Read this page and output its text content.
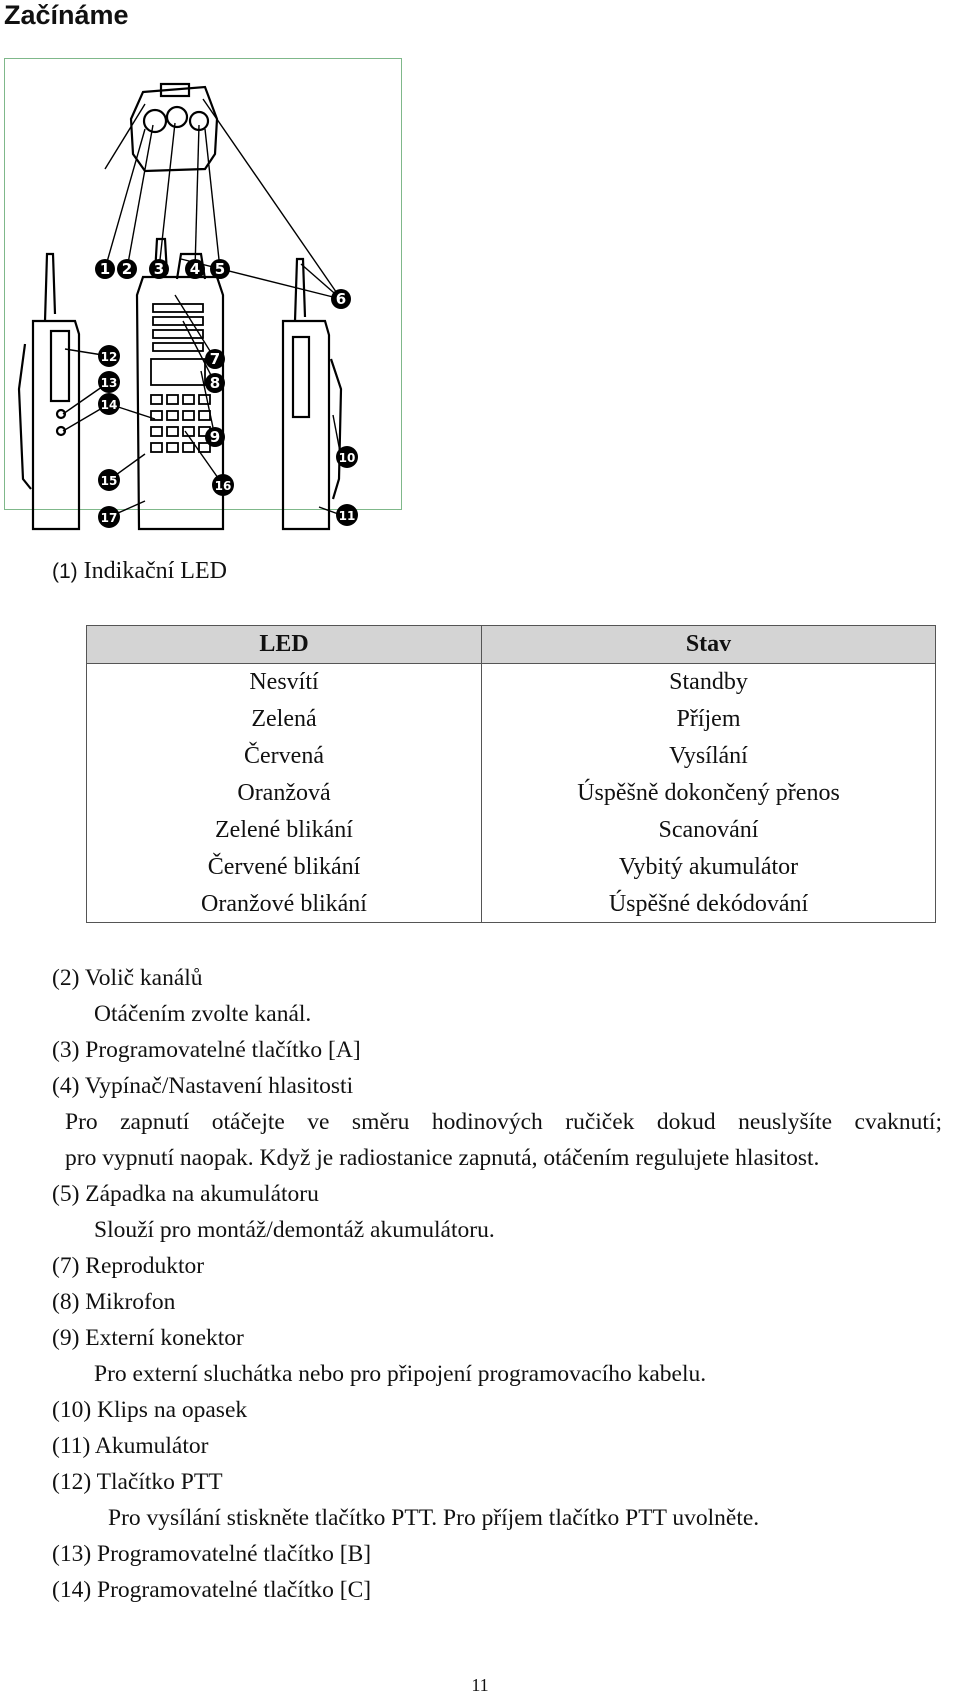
Začínáme
1 2 3 4 5
6
7
8
9
10
11
12
13
14
15	16
17
(1) Indikační LED
LED	Stav
Nesvítí	Standby
Zelená	Příjem
Červená	Vysílání
Oranžová	Úspěšně dokončený přenos
Zelené blikání	Scanování
Červené blikání	Vybitý akumulátor
Oranžové blikání	Úspěšné dekódování
(2) Volič kanálů
Otáčením zvolte kanál.
(3) Programovatelné tlačítko [A]
(4) Vypínač/Nastavení hlasitosti
Pro zapnutí otáčejte ve směru hodinových ručiček dokud neuslyšíte cvaknutí;
pro vypnutí naopak. Když je radiostanice zapnutá, otáčením regulujete hlasitost.
(5) Západka na akumulátoru
Slouží pro montáž/demontáž akumulátoru.
(7) Reproduktor
(8) Mikrofon
(9) Externí konektor
Pro externí sluchátka nebo pro připojení programovacího kabelu.
(10) Klips na opasek
(11) Akumulátor
(12) Tlačítko PTT
Pro vysílání stiskněte tlačítko PTT. Pro příjem tlačítko PTT uvolněte.
(13) Programovatelné tlačítko [B]
(14) Programovatelné tlačítko [C]
11
